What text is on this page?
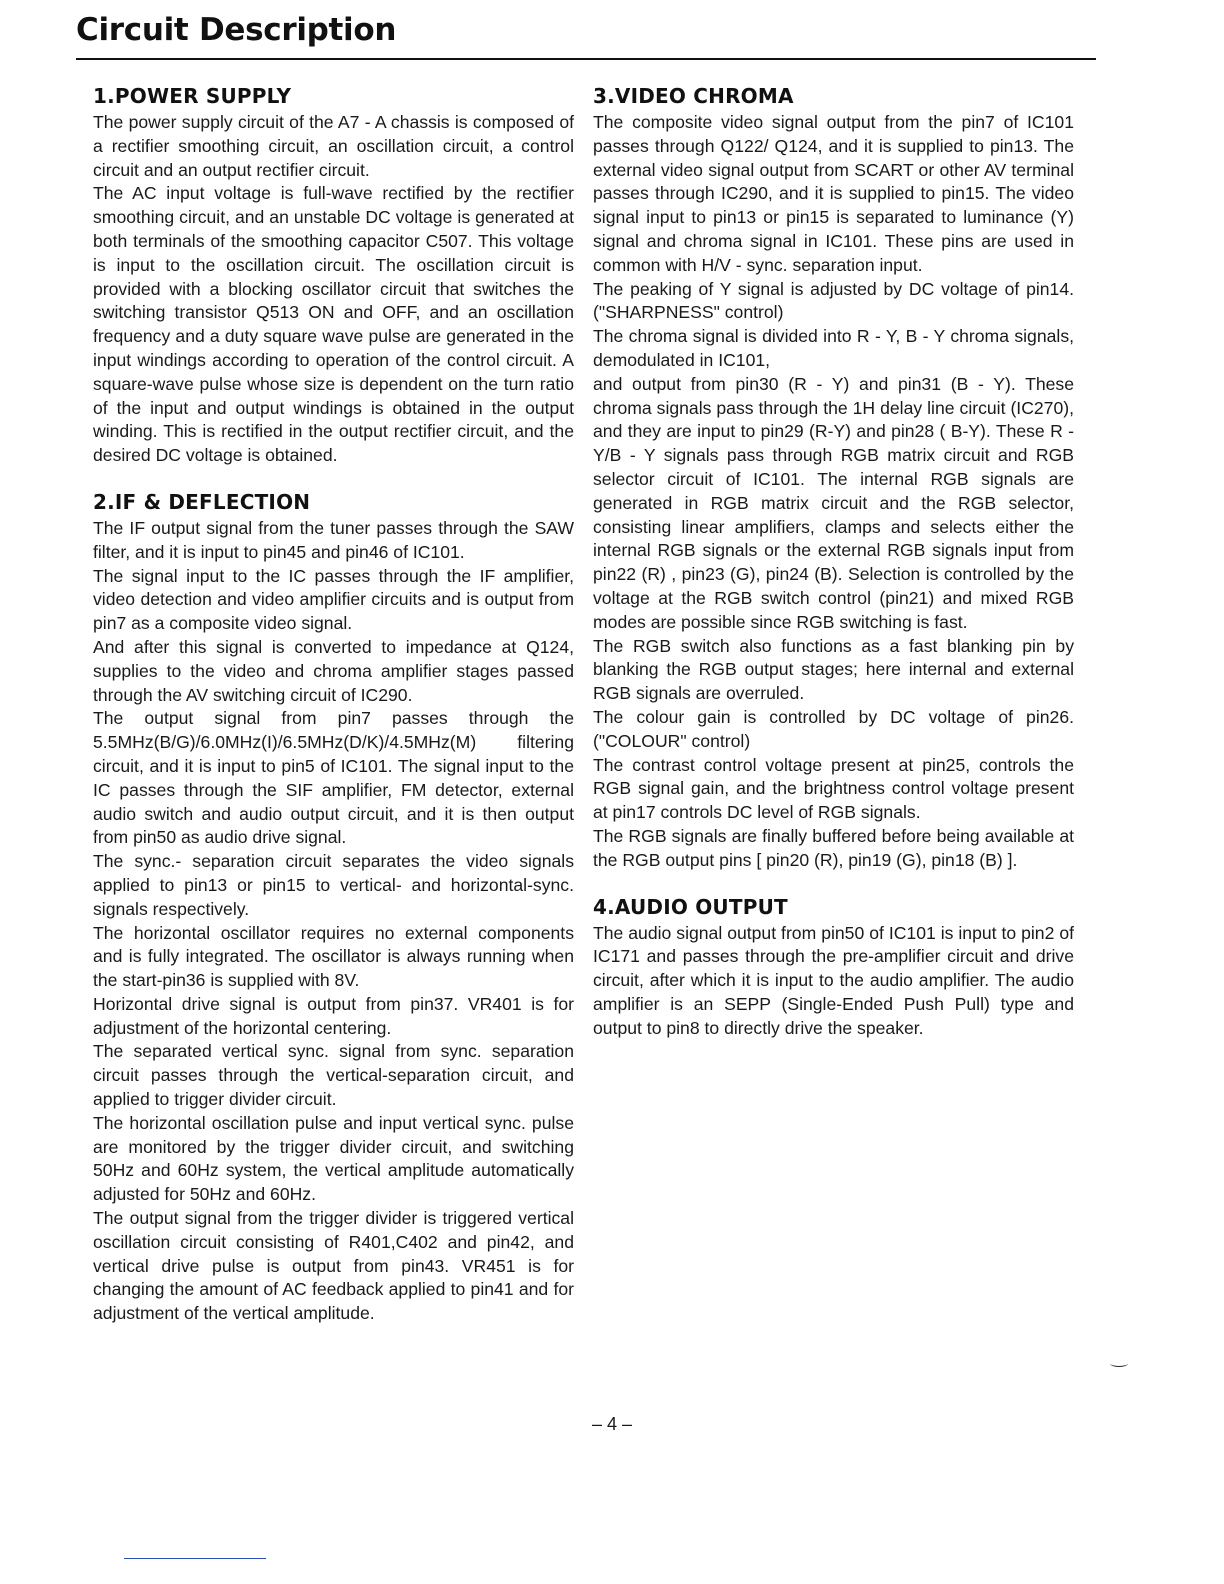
Circuit Description
1.POWER SUPPLY

The power supply circuit of the A7 - A chassis is composed of a rectifier smoothing circuit, an oscillation circuit, a control circuit and an output rectifier circuit.

The AC input voltage is full-wave rectified by the rectifier smoothing circuit, and an unstable DC voltage is generated at both terminals of the smoothing capacitor C507. This voltage is input to the oscillation circuit. The oscillation circuit is provided with a blocking oscillator circuit that switches the switching transistor Q513 ON and OFF, and an oscillation frequency and a duty square wave pulse are generated in the input windings according to operation of the control circuit. A square-wave pulse whose size is dependent on the turn ratio of the input and output windings is obtained in the output winding. This is rectified in the output rectifier circuit, and the desired DC voltage is obtained.

2.IF & DEFLECTION

The IF output signal from the tuner passes through the SAW filter, and it is input to pin45 and pin46 of IC101.

The signal input to the IC passes through the IF amplifier, video detection and video amplifier circuits and is output from pin7 as a composite video signal.

And after this signal is converted to impedance at Q124, supplies to the video and chroma amplifier stages passed through the AV switching circuit of IC290.

The output signal from pin7 passes through the 5.5MHz(B/G)/6.0MHz(I)/6.5MHz(D/K)/4.5MHz(M) filtering circuit, and it is input to pin5 of IC101. The signal input to the IC passes through the SIF amplifier, FM detector, external audio switch and audio output circuit, and it is then output from pin50 as audio drive signal.

The sync.- separation circuit separates the video signals applied to pin13 or pin15 to vertical- and horizontal-sync. signals respectively.

The horizontal oscillator requires no external components and is fully integrated. The oscillator is always running when the start-pin36 is supplied with 8V.

Horizontal drive signal is output from pin37. VR401 is for adjustment of the horizontal centering.

The separated vertical sync. signal from sync. separation circuit passes through the vertical-separation circuit, and applied to trigger divider circuit.

The horizontal oscillation pulse and input vertical sync. pulse are monitored by the trigger divider circuit, and switching 50Hz and 60Hz system, the vertical amplitude automatically adjusted for 50Hz and 60Hz.

The output signal from the trigger divider is triggered vertical oscillation circuit consisting of R401,C402 and pin42, and vertical drive pulse is output from pin43. VR451 is for changing the amount of AC feedback applied to pin41 and for adjustment of the vertical amplitude.

3.VIDEO CHROMA

The composite video signal output from the pin7 of IC101 passes through Q122/ Q124, and it is supplied to pin13. The external video signal output from SCART or other AV terminal passes through IC290, and it is supplied to pin15. The video signal input to pin13 or pin15 is separated to luminance (Y) signal and chroma signal in IC101. These pins are used in common with H/V - sync. separation input.

The peaking of Y signal is adjusted by DC voltage of pin14.("SHARPNESS" control)

The chroma signal is divided into R - Y, B - Y chroma signals, demodulated in IC101,

and output from pin30 (R - Y) and pin31 (B - Y). These chroma signals pass through the 1H delay line circuit (IC270), and they are input to pin29 (R-Y) and pin28 ( B-Y). These R - Y/B - Y signals pass through RGB matrix circuit and RGB selector circuit of IC101. The internal RGB signals are generated in RGB matrix circuit and the RGB selector, consisting linear amplifiers, clamps and selects either the internal RGB signals or the external RGB signals input from pin22 (R) , pin23 (G), pin24 (B). Selection is controlled by the voltage at the RGB switch control (pin21) and mixed RGB modes are possible since RGB switching is fast.

The RGB switch also functions as a fast blanking pin by blanking the RGB output stages; here internal and external RGB signals are overruled.

The colour gain is controlled by DC voltage of pin26. ("COLOUR" control)

The contrast control voltage present at pin25, controls the RGB signal gain, and the brightness control voltage present at pin17 controls DC level of RGB signals.

The RGB signals are finally buffered before being available at the RGB output pins [ pin20 (R), pin19 (G), pin18 (B) ].

4.AUDIO OUTPUT

The audio signal output from pin50 of IC101 is input to pin2 of IC171 and passes through the pre-amplifier circuit and drive circuit, after which it is input to the audio amplifier. The audio amplifier is an SEPP (Single-Ended Push Pull) type and output to pin8 to directly drive the speaker.

– 4 –
